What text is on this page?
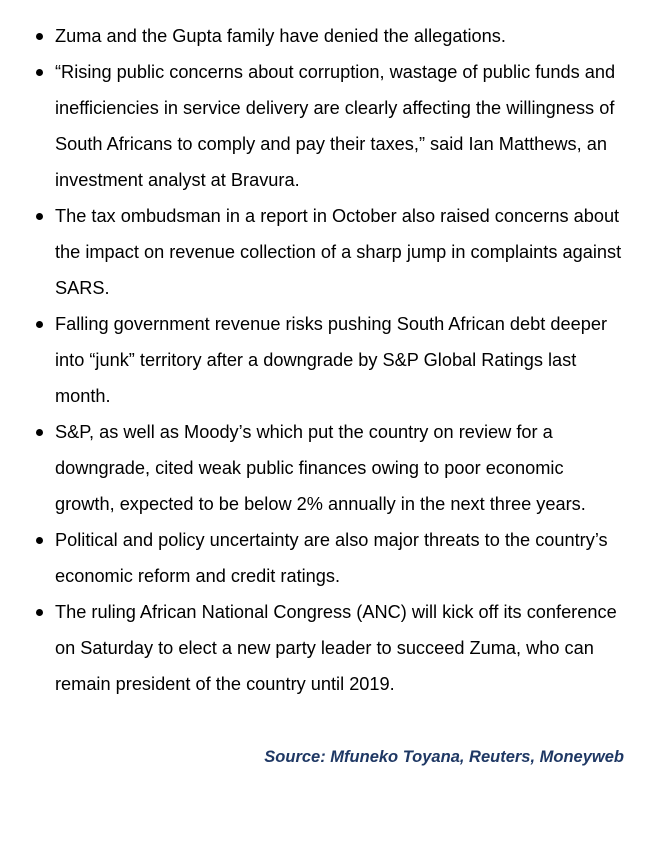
Zuma and the Gupta family have denied the allegations.
“Rising public concerns about corruption, wastage of public funds and inefficiencies in service delivery are clearly affecting the willingness of South Africans to comply and pay their taxes,” said Ian Matthews, an investment analyst at Bravura.
The tax ombudsman in a report in October also raised concerns about the impact on revenue collection of a sharp jump in complaints against SARS.
Falling government revenue risks pushing South African debt deeper into “junk” territory after a downgrade by S&P Global Ratings last month.
S&P, as well as Moody’s which put the country on review for a downgrade, cited weak public finances owing to poor economic growth, expected to be below 2% annually in the next three years.
Political and policy uncertainty are also major threats to the country’s economic reform and credit ratings.
The ruling African National Congress (ANC) will kick off its conference on Saturday to elect a new party leader to succeed Zuma, who can remain president of the country until 2019.
Source: Mfuneko Toyana, Reuters, Moneyweb
